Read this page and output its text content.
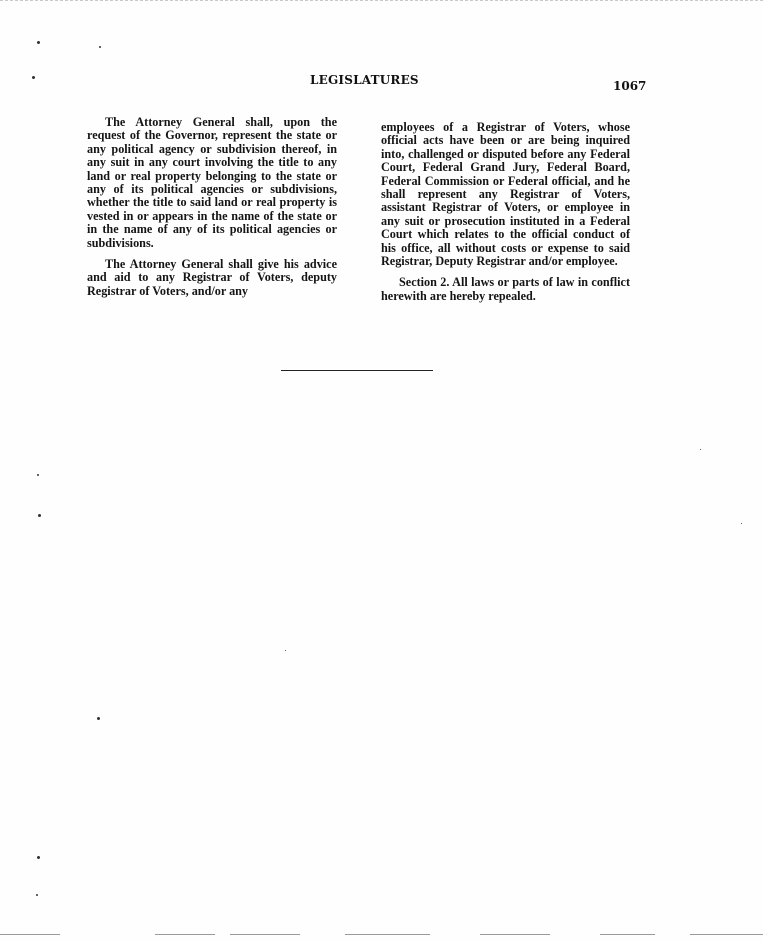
LEGISLATURES	1067

The Attorney General shall, upon the request of the Governor, represent the state or any political agency or subdivision thereof, in any suit in any court involving the title to any land or real property belonging to the state or any of its political agencies or subdivisions, whether the title to said land or real property is vested in or appears in the name of the state or in the name of any of its political agencies or subdivisions.

The Attorney General shall give his advice and aid to any Registrar of Voters, deputy Registrar of Voters, and/or any

employees of a Registrar of Voters, whose official acts have been or are being inquired into, challenged or disputed before any Federal Court, Federal Grand Jury, Federal Board, Federal Commission or Federal official, and he shall represent any Registrar of Voters, assistant Registrar of Voters, or employee in any suit or prosecution instituted in a Federal Court which relates to the official conduct of his office, all without costs or expense to said Registrar, Deputy Registrar and/or employee.

Section 2. All laws or parts of law in conflict herewith are hereby repealed.
